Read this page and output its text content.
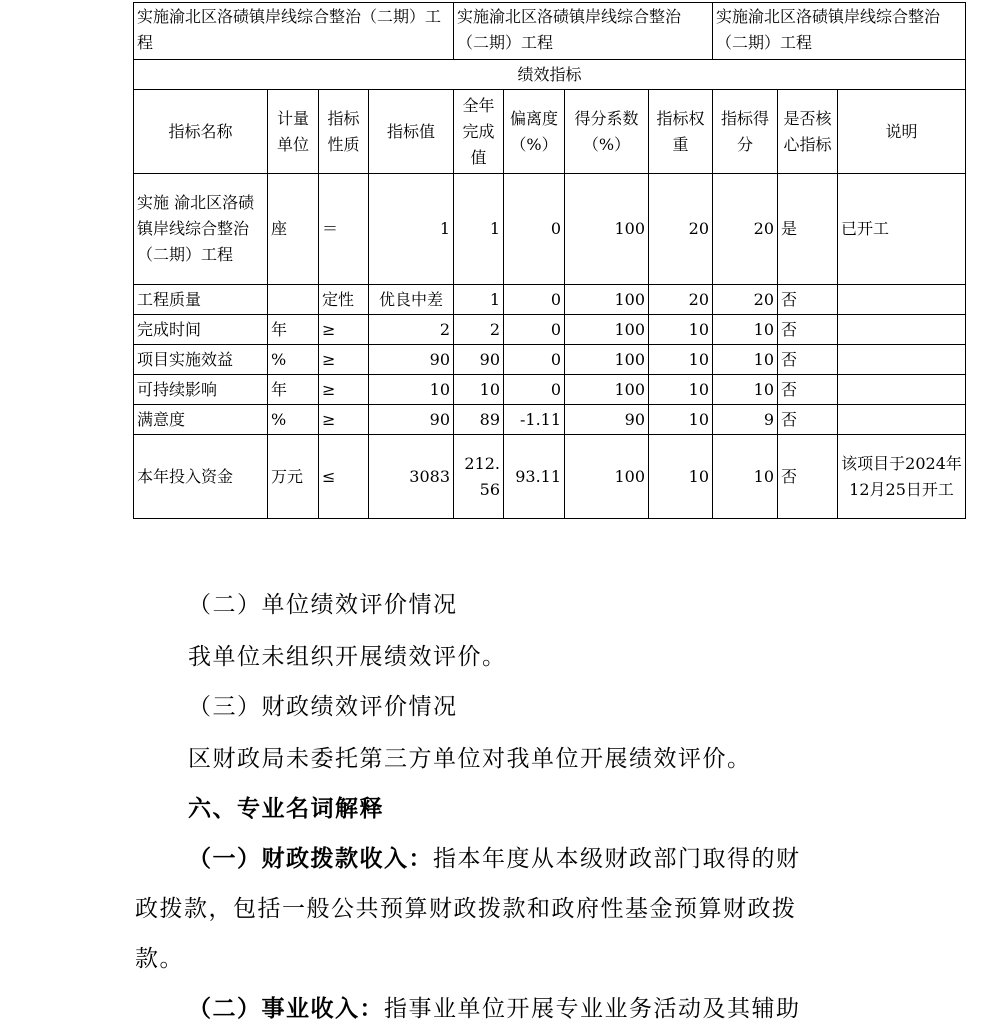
实施渝北区洛碛镇岸线综合整治（二期）工程				实施渝北区洛碛镇岸线综合整治（二期）工程				实施渝北区洛碛镇岸线综合整治（二期）工程		
绩效指标										
指标名称	计量单位	指标性质	指标值	全年完成值	偏离度（%）	得分系数（%）	指标权重	指标得分	是否核心指标	说明
实施 渝北区洛碛镇岸线综合整治（二期）工程	座	＝	1	1	0	100	20	20	是	已开工
工程质量		定性	优良中差	1	0	100	20	20	否	
完成时间	年	≥	2	2	0	100	10	10	否	
项目实施效益	%	≥	90	90	0	100	10	10	否	
可持续影响	年	≥	10	10	0	100	10	10	否	
满意度	%	≥	90	89	-1.11	90	10	9	否	
本年投入资金	万元	≤	3083	212.56	93.11	100	10	10	否	该项目于2024年12月25日开工

（二）单位绩效评价情况

我单位未组织开展绩效评价。

（三）财政绩效评价情况

区财政局未委托第三方单位对我单位开展绩效评价。

六、专业名词解释

（一）财政拨款收入：指本年度从本级财政部门取得的财

政拨款，包括一般公共预算财政拨款和政府性基金预算财政拨

款。

（二）事业收入：指事业单位开展专业业务活动及其辅助
